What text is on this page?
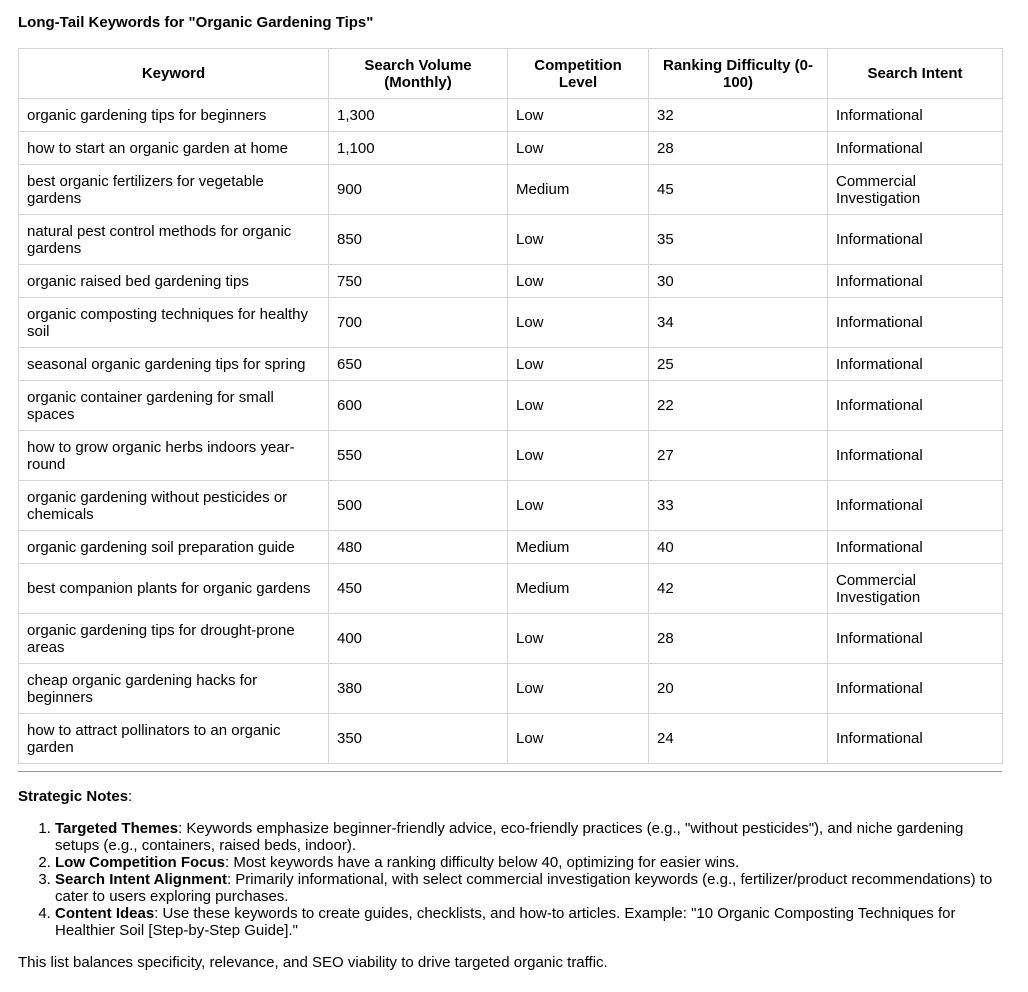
Long-Tail Keywords for "Organic Gardening Tips"

Keyword	Search Volume (Monthly)	Competition Level	Ranking Difficulty (0-100)	Search Intent
organic gardening tips for beginners	1,300	Low	32	Informational
how to start an organic garden at home	1,100	Low	28	Informational
best organic fertilizers for vegetable gardens	900	Medium	45	Commercial Investigation
natural pest control methods for organic gardens	850	Low	35	Informational
organic raised bed gardening tips	750	Low	30	Informational
organic composting techniques for healthy soil	700	Low	34	Informational
seasonal organic gardening tips for spring	650	Low	25	Informational
organic container gardening for small spaces	600	Low	22	Informational
how to grow organic herbs indoors year-round	550	Low	27	Informational
organic gardening without pesticides or chemicals	500	Low	33	Informational
organic gardening soil preparation guide	480	Medium	40	Informational
best companion plants for organic gardens	450	Medium	42	Commercial Investigation
organic gardening tips for drought-prone areas	400	Low	28	Informational
cheap organic gardening hacks for beginners	380	Low	20	Informational
how to attract pollinators to an organic garden	350	Low	24	Informational

Strategic Notes:

1. Targeted Themes: Keywords emphasize beginner-friendly advice, eco-friendly practices (e.g., "without pesticides"), and niche gardening setups (e.g., containers, raised beds, indoor).
2. Low Competition Focus: Most keywords have a ranking difficulty below 40, optimizing for easier wins.
3. Search Intent Alignment: Primarily informational, with select commercial investigation keywords (e.g., fertilizer/product recommendations) to cater to users exploring purchases.
4. Content Ideas: Use these keywords to create guides, checklists, and how-to articles. Example: "10 Organic Composting Techniques for Healthier Soil [Step-by-Step Guide]."

This list balances specificity, relevance, and SEO viability to drive targeted organic traffic.
